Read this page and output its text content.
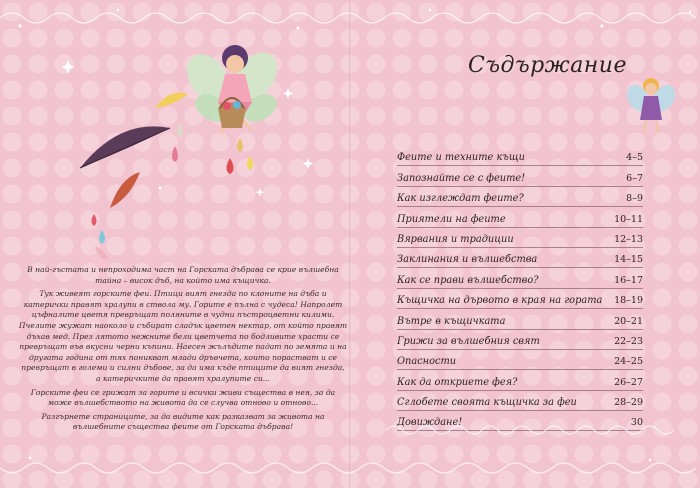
В най-гъстата и непроходима част на Горската дъбрава се крие вълшебна тайна – висок дъб, на който има къщичка.

Тук живеят горските феи. Птици вият гнезда по клоните на дъба и катерички правят хралупи в ствола му. Горите е пълна с чудеса! Напролет цъфналите цветя превръщат поляните в чудни пъстроцветни килими. Пчелите жужат наоколо и събират сладък цветен нектар, от който правят дъхав мед. През лятото нежните бели цветчета по бодливите храсти се превръщат във вкусни черни къпини. Наесен жълъдите падат по земята и на другата година от тях поникват млади дръвчета, които порастват и се превръщат в големи и силни дъбове, за да има къде птиците да вият гнезда, а катеричките да правят хралупите си...

Горските феи се грижат за горите и всички живи същества в нея, за да може вълшебството на живота да се случва отново и отново...

Разгърнете страниците, за да видите как разказват за живота на вълшебните същества феите от Горската дъбрава!

Съдържание
Феите и техните къщи	4–5
Запознайте се с феите!	6–7
Как изглеждат феите?	8–9
Приятели на феите	10–11
Вярвания и традиции	12–13
Заклинания и вълшебства	14–15
Как се прави вълшебство?	16–17
Къщичка на дървото в края на гората 18–19
Вътре в къщичката	20–21
Грижи за вълшебния свят	22–23
Опасности	24–25
Как да откриете фея?	26–27
Сглобете своята къщичка за феи	28–29
Довиждане!	30
